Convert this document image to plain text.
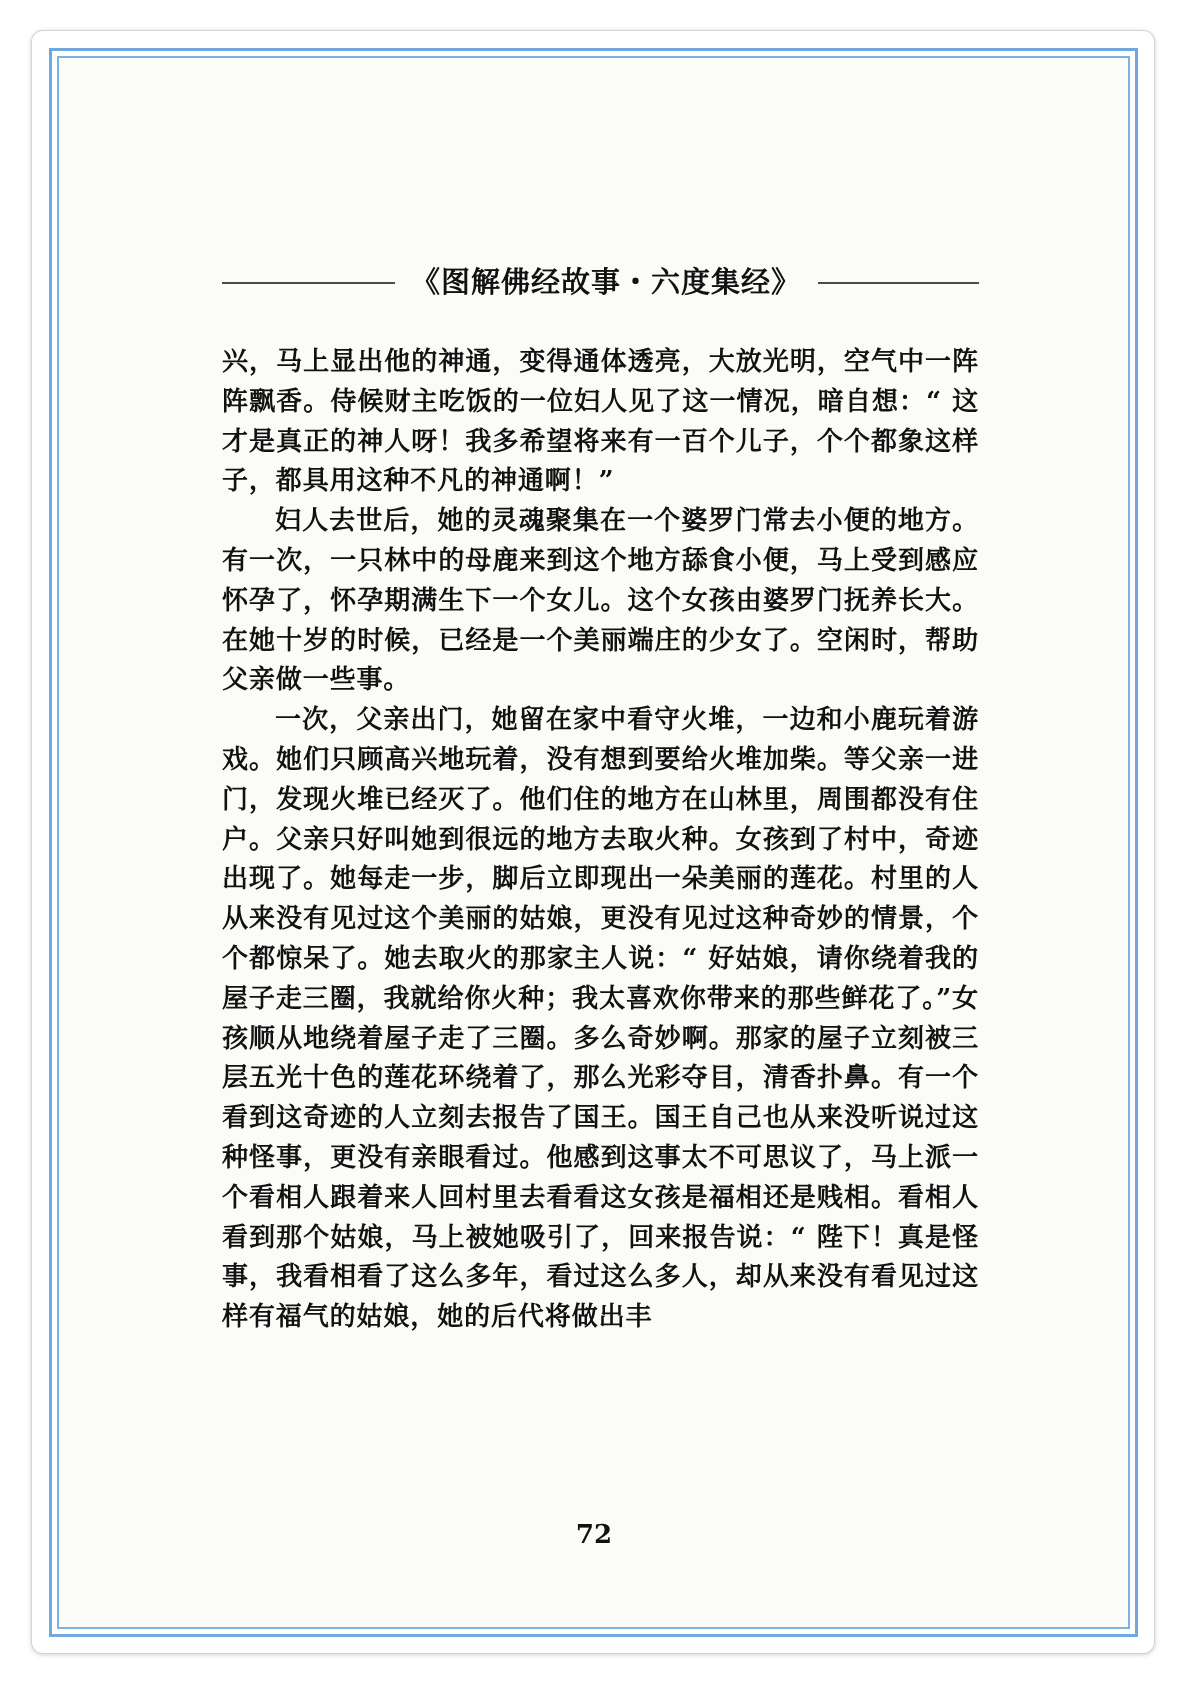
《图解佛经故事・六度集经》

兴，马上显出他的神通，变得通体透亮，大放光明，空气中一阵阵飘香。侍候财主吃饭的一位妇人见了这一情况，暗自想：“ 这才是真正的神人呀！我多希望将来有一百个儿子，个个都象这样子，都具用这种不凡的神通啊！”

妇人去世后，她的灵魂聚集在一个婆罗门常去小便的地方。有一次，一只林中的母鹿来到这个地方舔食小便，马上受到感应怀孕了，怀孕期满生下一个女儿。这个女孩由婆罗门抚养长大。在她十岁的时候，已经是一个美丽端庄的少女了。空闲时，帮助父亲做一些事。

一次，父亲出门，她留在家中看守火堆，一边和小鹿玩着游戏。她们只顾高兴地玩着，没有想到要给火堆加柴。等父亲一进门，发现火堆已经灭了。他们住的地方在山林里，周围都没有住户。父亲只好叫她到很远的地方去取火种。女孩到了村中，奇迹出现了。她每走一步，脚后立即现出一朵美丽的莲花。村里的人从来没有见过这个美丽的姑娘，更没有见过这种奇妙的情景，个个都惊呆了。她去取火的那家主人说：“ 好姑娘，请你绕着我的屋子走三圈，我就给你火种；我太喜欢你带来的那些鲜花了。”女孩顺从地绕着屋子走了三圈。多么奇妙啊。那家的屋子立刻被三层五光十色的莲花环绕着了，那么光彩夺目，清香扑鼻。有一个看到这奇迹的人立刻去报告了国王。国王自己也从来没听说过这种怪事，更没有亲眼看过。他感到这事太不可思议了，马上派一个看相人跟着来人回村里去看看这女孩是福相还是贱相。看相人看到那个姑娘，马上被她吸引了，回来报告说：“ 陛下！真是怪事，我看相看了这么多年，看过这么多人，却从来没有看见过这样有福气的姑娘，她的后代将做出丰

72
